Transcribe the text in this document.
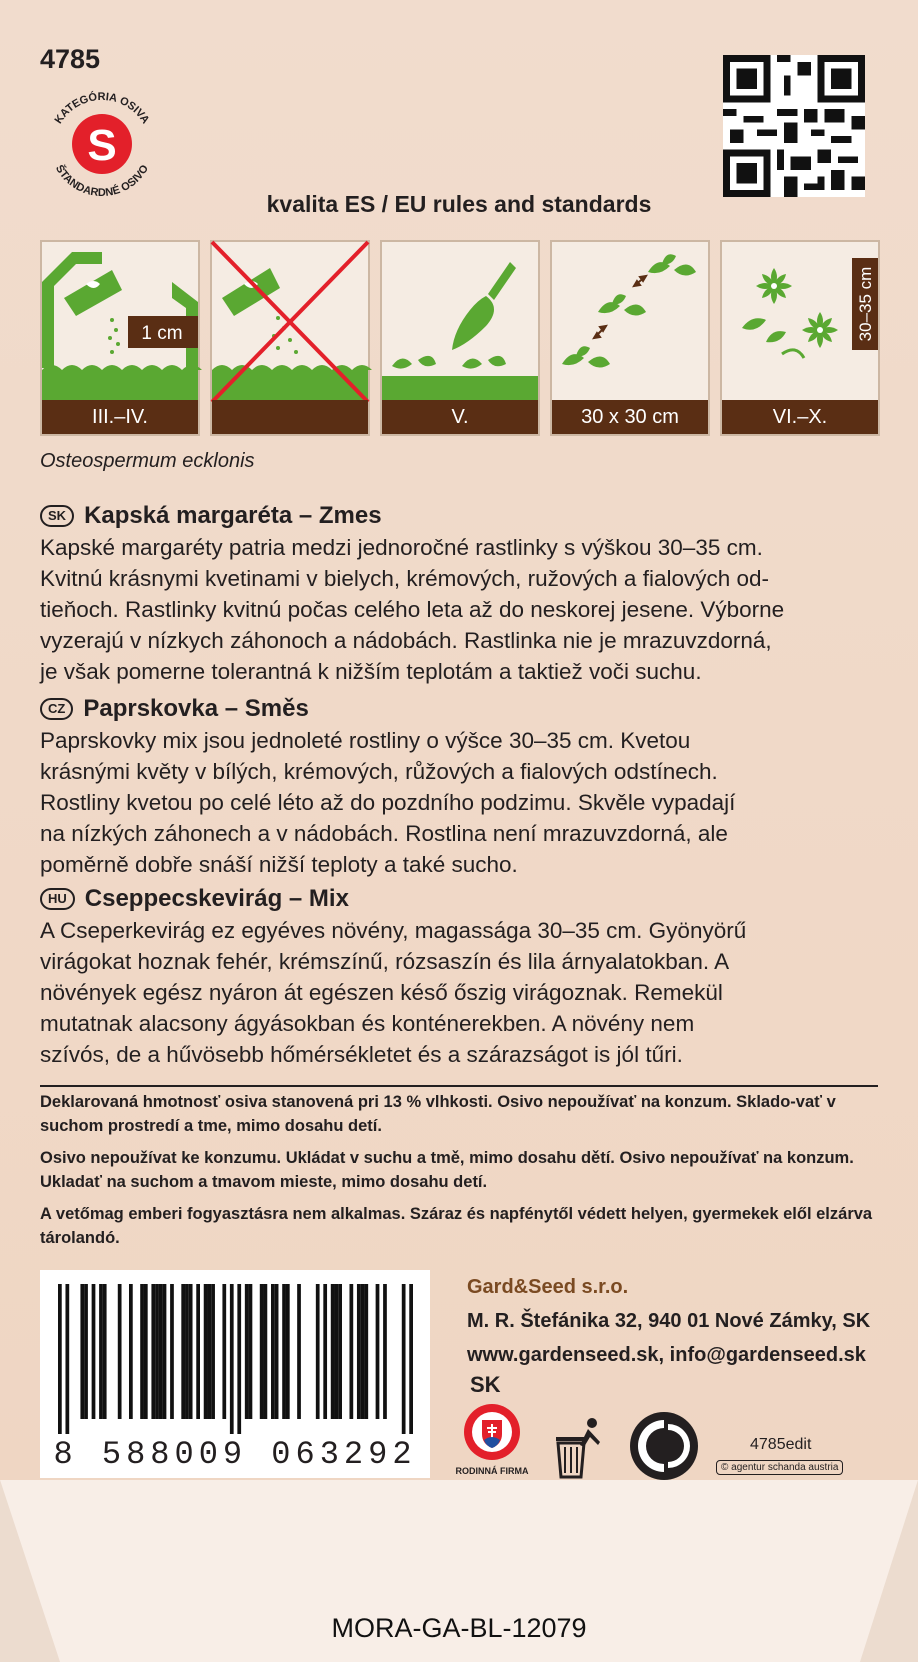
4785
KATEGÓRIA OSIVA
ŠTANDARDNÉ OSIVO
S
kvalita ES / EU rules and standards
1 cm
III.–IV.	V.	30 x 30 cm
30–35 cm
VI.–X.
Osteospermum ecklonis
SK Kapská margaréta – Zmes

Kapské margaréty patria medzi jednoročné rastlinky s výškou 30–35 cm.
Kvitnú krásnymi kvetinami v bielych, krémových, ružových a fialových od-
tieňoch. Rastlinky kvitnú počas celého leta až do neskorej jesene. Výborne
vyzerajú v nízkych záhonoch a nádobách. Rastlinka nie je mrazuvzdorná,
je však pomerne tolerantná k nižším teplotám a taktiež voči suchu.

CZ Paprskovka – Směs

Paprskovky mix jsou jednoleté rostliny o výšce 30–35 cm. Kvetou
krásnými květy v bílých, krémových, růžových a fialových odstínech.
Rostliny kvetou po celé léto až do pozdního podzimu. Skvěle vypadají
na nízkých záhonech a v nádobách. Rostlina není mrazuvzdorná, ale
poměrně dobře snáší nižší teploty a také sucho.

HU Cseppecskevirág – Mix

A Cseperkevirág ez egyéves növény, magassága 30–35 cm. Gyönyörű
virágokat hoznak fehér, krémszínű, rózsaszín és lila árnyalatokban. A
növények egész nyáron át egészen késő őszig virágoznak. Remekül
mutatnak alacsony ágyásokban és konténerekben. A növény nem
szívós, de a hűvösebb hőmérsékletet és a szárazságot is jól tűri.

Deklarovaná hmotnosť osiva stanovená pri 13 % vlhkosti. Osivo nepoužívať na konzum. Sklado-vať v suchom prostredí a tme, mimo dosahu detí.
Osivo nepoužívat ke konzumu. Ukládat v suchu a tmě, mimo dosahu dětí. Osivo nepoužívať na konzum. Ukladať na suchom a tmavom mieste, mimo dosahu detí.
A vetőmag emberi fogyasztásra nem alkalmas. Száraz és napfénytől védett helyen, gyermekek elől elzárva tárolandó.
8 588009 063292
Gard&Seed s.r.o.
M. R. Štefánika 32, 940 01 Nové Zámky, SK
www.gardenseed.sk, info@gardenseed.sk
SK
RODINNÁ FIRMA
4785edit
© agentur schanda austria
MORA-GA-BL-12079
